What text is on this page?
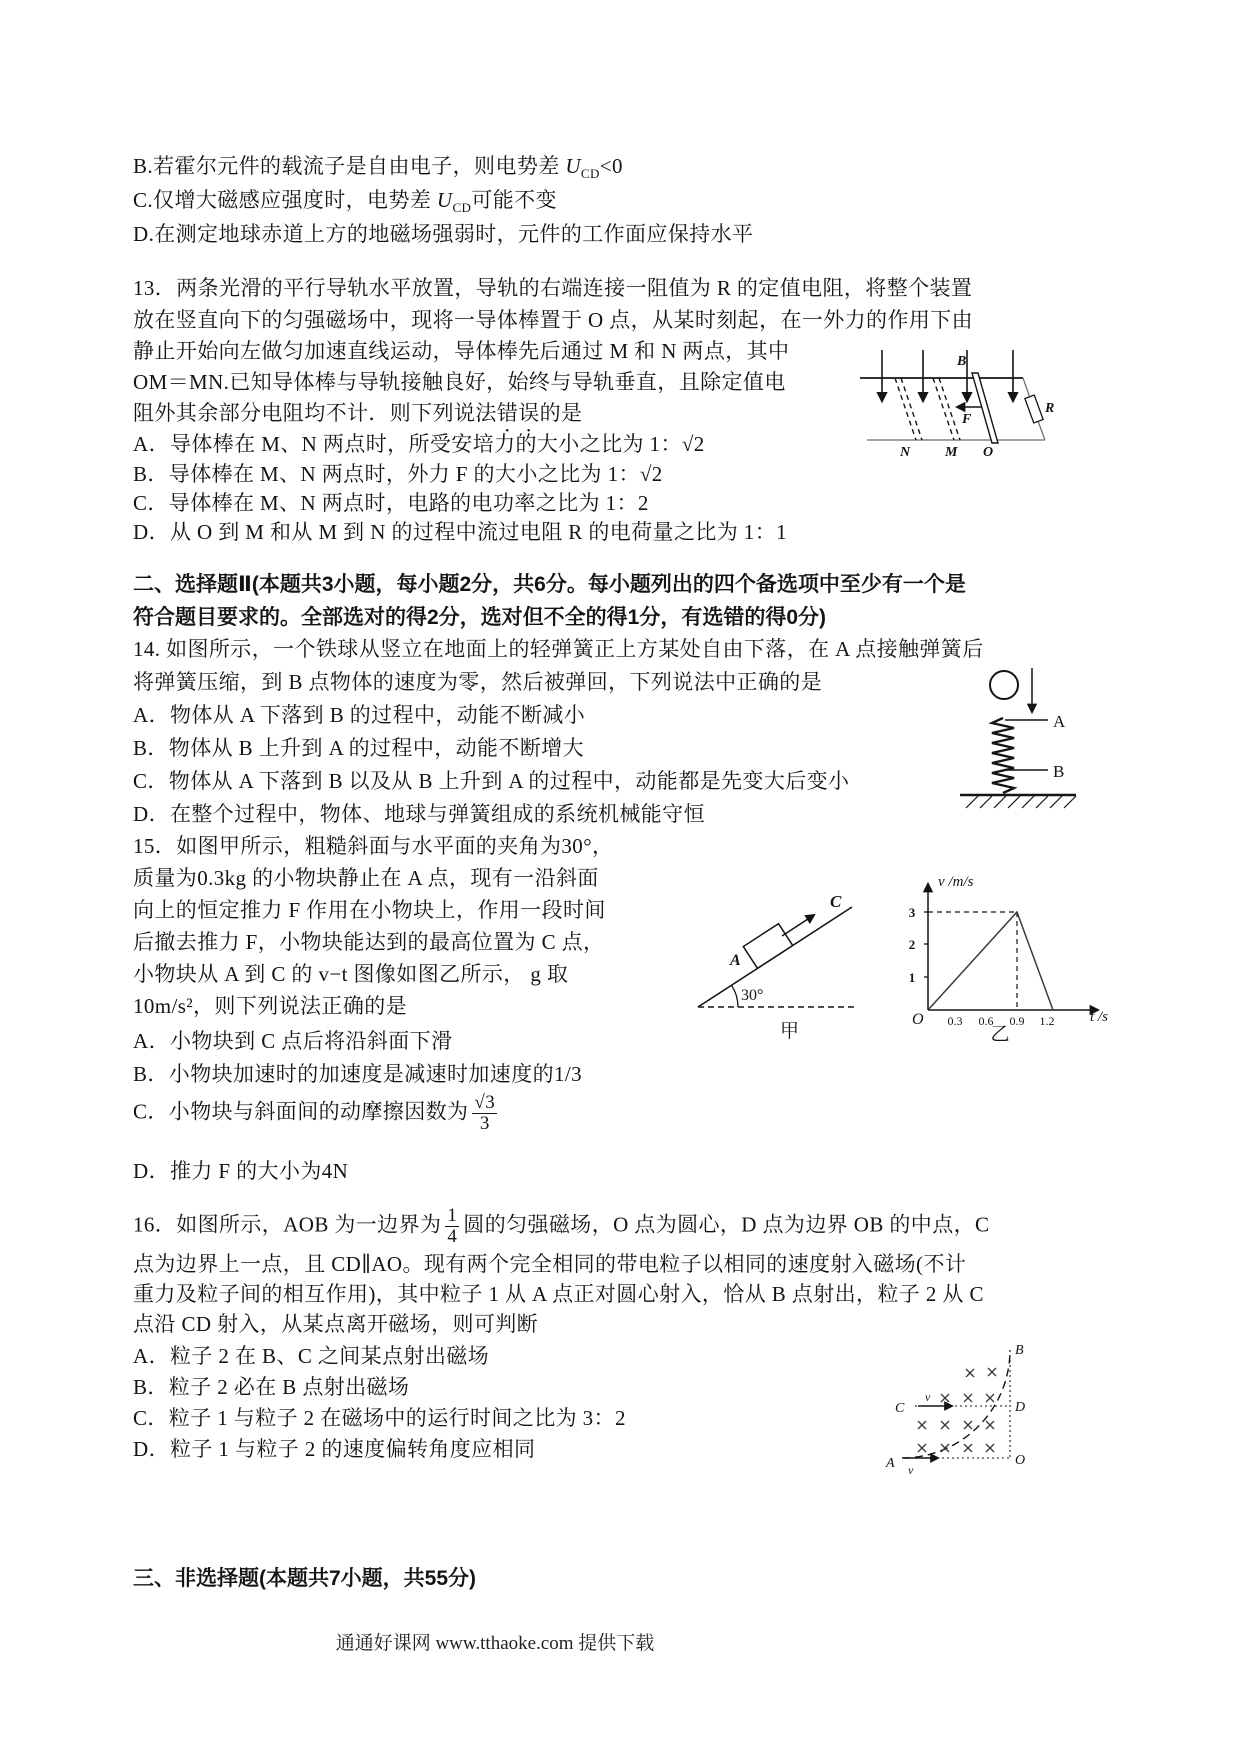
B.若霍尔元件的载流子是自由电子，则电势差 $U_{CD}<0$
C.仅增大磁感应强度时，电势差 $U_{CD}$可能不变
D.在测定地球赤道上方的地磁场强弱时，元件的工作面应保持水平
13．两条光滑的平行导轨水平放置，导轨的右端连接一阻值为 R 的定值电阻，将整个装置
放在竖直向下的匀强磁场中，现将一导体棒置于 O 点，从某时刻起，在一外力的作用下由
静止开始向左做匀加速直线运动，导体棒先后通过 M 和 N 两点，其中
OM＝MN.已知导体棒与导轨接触良好，始终与导轨垂直，且除定值电
阻外其余部分电阻均不计．则下列说法错误的是
A．导体棒在 M、N 两点时，所受安培力的大小之比为 1：√2
B．导体棒在 M、N 两点时，外力 F 的大小之比为 1：√2
C．导体棒在 M、N 两点时，电路的电功率之比为 1：2
D．从 O 到 M 和从 M 到 N 的过程中流过电阻 R 的电荷量之比为 1：1
B
F
R
N M O
二、选择题Ⅱ(本题共3小题，每小题2分，共6分。每小题列出的四个备选项中至少有一个是
符合题目要求的。全部选对的得2分，选对但不全的得1分，有选错的得0分)
14. 如图所示，一个铁球从竖立在地面上的轻弹簧正上方某处自由下落，在 A 点接触弹簧后
将弹簧压缩，到 B 点物体的速度为零，然后被弹回，下列说法中正确的是
A．物体从 A 下落到 B 的过程中，动能不断减小
B．物体从 B 上升到 A 的过程中，动能不断增大
C．物体从 A 下落到 B 以及从 B 上升到 A 的过程中，动能都是先变大后变小
D．在整个过程中，物体、地球与弹簧组成的系统机械能守恒
A
B
15．如图甲所示，粗糙斜面与水平面的夹角为30°，
质量为0.3kg 的小物块静止在 A 点，现有一沿斜面
向上的恒定推力 F 作用在小物块上，作用一段时间
后撤去推力 F，小物块能达到的最高位置为 C 点，
小物块从 A 到 C 的 v−t 图像如图乙所示， g 取
10m/s²，则下列说法正确的是
A．小物块到 C 点后将沿斜面下滑
B．小物块加速时的加速度是减速时加速度的1/3
C．小物块与斜面间的动摩擦因数为 $\frac{√3}{3}$
D．推力 F 的大小为4N
30°
C
A
甲
v /m/s
t /s
O
3
2
1
0.3 0.6 0.9 1.2
乙
16．如图所示，AOB 为一边界为 $\frac{1}{4}$ 圆的匀强磁场，O 点为圆心，D 点为边界 OB 的中点，C
点为边界上一点，且 CD∥AO。现有两个完全相同的带电粒子以相同的速度射入磁场(不计
重力及粒子间的相互作用)，其中粒子 1 从 A 点正对圆心射入，恰从 B 点射出，粒子 2 从 C
点沿 CD 射入，从某点离开磁场，则可判断
A．粒子 2 在 B、C 之间某点射出磁场
B．粒子 2 必在 B 点射出磁场
C．粒子 1 与粒子 2 在磁场中的运行时间之比为 3：2
D．粒子 1 与粒子 2 的速度偏转角度应相同
B
C	D
A	O
v
v
三、非选择题(本题共7小题，共55分)
通通好课网 www.tthaoke.com 提供下载
